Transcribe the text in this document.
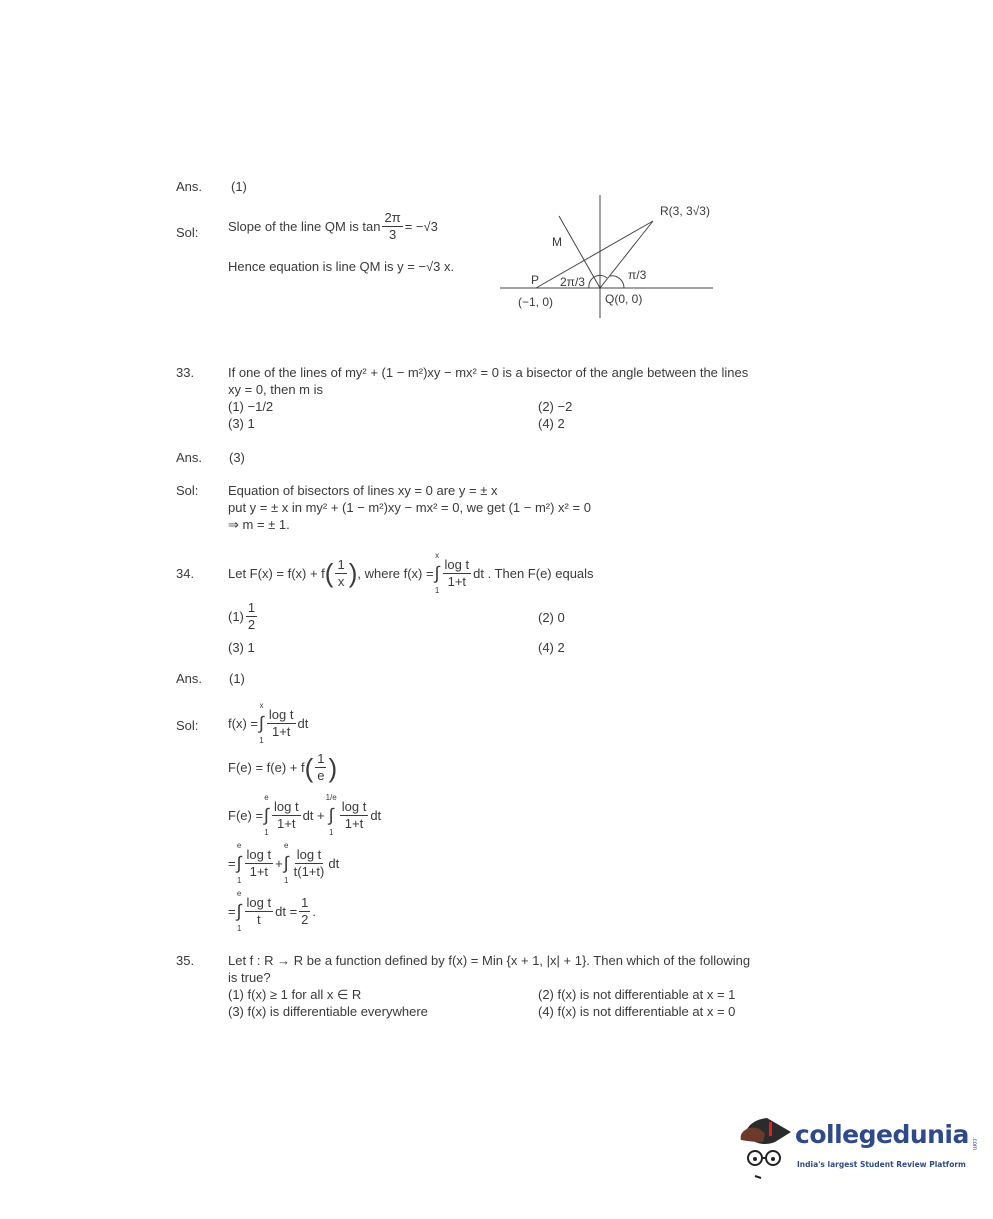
Ans. (1)
Sol: Slope of the line QM is $\tan \frac{2\pi}{3} = -√3$
Hence equation is line QM is y = −√3 x.
R(3, 3√3)
M
P 2π/3	π/3
(−1, 0)	Q(0, 0)
33.	If one of the lines of my² + (1 − m²)xy − mx² = 0 is a bisector of the angle between the lines
xy = 0, then m is
(1) −1/2	(2) −2
(3) 1	(4) 2
Ans. (3)
Sol: Equation of bisectors of lines xy = 0 are y = ± x
put y = ± x in my² + (1 − m²)xy − mx² = 0, we get (1 − m²) x² = 0
⇒ m = ± 1.
34.	Let F(x) = f(x) + f ( $\frac{1}{x}$ ) , where f(x) =
x
∫
1
$\frac{\text{log t}}{1+t}$ dt . Then F(e) equals
$(1) \frac{1}{2}$	(2) 0
(3) 1	(4) 2
Ans. (1)
Sol: f(x) =
x
∫
1
$\frac{\text{log t}}{1+t}$ dt
F(e) = f(e) + f ( $\frac{1}{e}$ )
F(e) =
e
∫
1
$\frac{\text{log t}}{1+t}$ dt +
1/e
∫
1
$\frac{\text{log t}}{1+t}$ dt
=
e
∫
1
$\frac{\text{log t}}{1+t}$ +
e
∫
1
$\frac{\text{log t}}{t(1+t)}$ dt
=
e
∫
1
$\frac{\text{log t}}{t}$ dt = $\frac{1}{2}$ .
35.	Let f : R → R be a function defined by f(x) = Min {x + 1, |x| + 1}. Then which of the following
is true?
(1) f(x) ≥ 1 for all x ∈ R	(2) f(x) is not differentiable at x = 1
(3) f(x) is differentiable everywhere	(4) f(x) is not differentiable at x = 0
collegedunia .com
India's largest Student Review Platform
